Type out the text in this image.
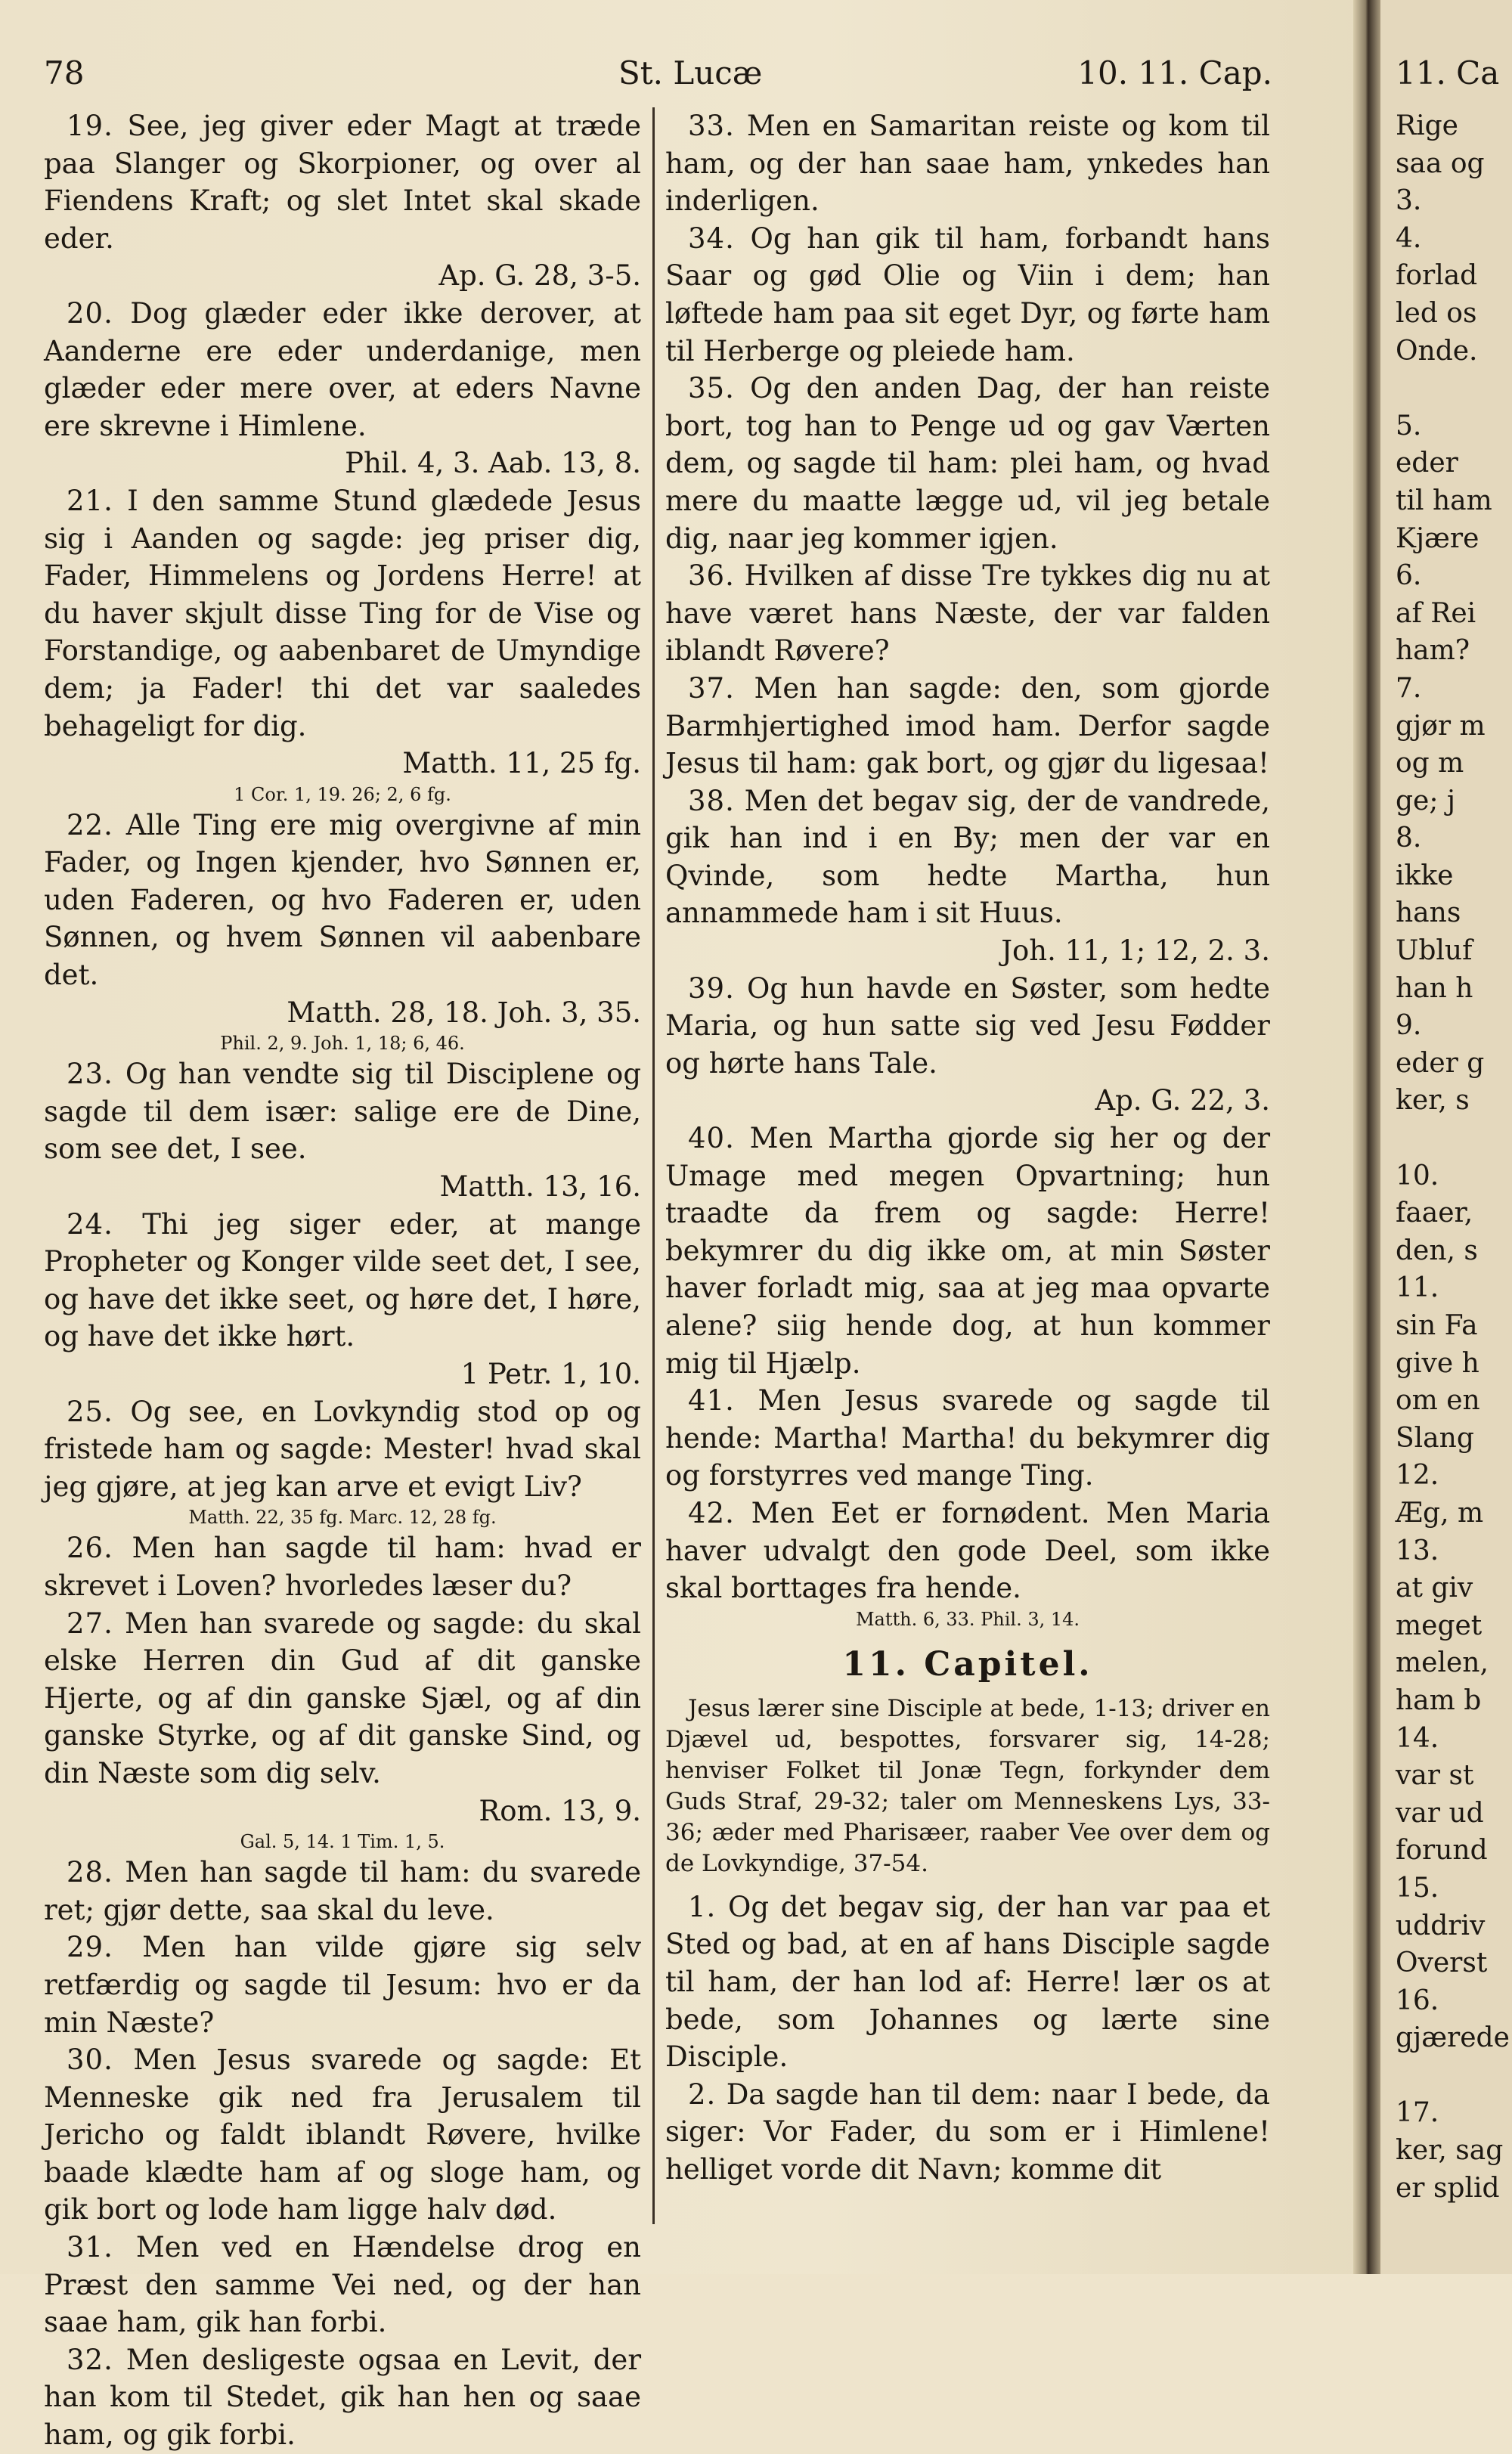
78	St. Lucæ	10. 11. Cap.

19. See, jeg giver eder Magt at træde paa Slanger og Skorpioner, og over al Fiendens Kraft; og slet Intet skal skade eder.
Ap. G. 28, 3-5.

20. Dog glæder eder ikke derover, at Aanderne ere eder underdanige, men glæder eder mere over, at eders Navne ere skrevne i Himlene.
Phil. 4, 3. Aab. 13, 8.

21. I den samme Stund glædede Jesus sig i Aanden og sagde: jeg priser dig, Fader, Himmelens og Jordens Herre! at du haver skjult disse Ting for de Vise og Forstandige, og aabenbaret de Umyndige dem; ja Fader! thi det var saaledes behageligt for dig.
Matth. 11, 25 fg.

1 Cor. 1, 19. 26; 2, 6 fg.

22. Alle Ting ere mig overgivne af min Fader, og Ingen kjender, hvo Sønnen er, uden Faderen, og hvo Faderen er, uden Sønnen, og hvem Sønnen vil aabenbare det.
Matth. 28, 18. Joh. 3, 35.

Phil. 2, 9. Joh. 1, 18; 6, 46.

23. Og han vendte sig til Disciplene og sagde til dem især: salige ere de Dine, som see det, I see.
Matth. 13, 16.

24. Thi jeg siger eder, at mange Propheter og Konger vilde seet det, I see, og have det ikke seet, og høre det, I høre, og have det ikke hørt.
1 Petr. 1, 10.

25. Og see, en Lovkyndig stod op og fristede ham og sagde: Mester! hvad skal jeg gjøre, at jeg kan arve et evigt Liv?

Matth. 22, 35 fg. Marc. 12, 28 fg.

26. Men han sagde til ham: hvad er skrevet i Loven? hvorledes læser du?

27. Men han svarede og sagde: du skal elske Herren din Gud af dit ganske Hjerte, og af din ganske Sjæl, og af din ganske Styrke, og af dit ganske Sind, og din Næste som dig selv.
Rom. 13, 9.

Gal. 5, 14. 1 Tim. 1, 5.

28. Men han sagde til ham: du svarede ret; gjør dette, saa skal du leve.

29. Men han vilde gjøre sig selv retfærdig og sagde til Jesum: hvo er da min Næste?

30. Men Jesus svarede og sagde: Et Menneske gik ned fra Jerusalem til Jericho og faldt iblandt Røvere, hvilke baade klædte ham af og sloge ham, og gik bort og lode ham ligge halv død.

31. Men ved en Hændelse drog en Præst den samme Vei ned, og der han saae ham, gik han forbi.

32. Men desligeste ogsaa en Levit, der han kom til Stedet, gik han hen og saae ham, og gik forbi.

33. Men en Samaritan reiste og kom til ham, og der han saae ham, ynkedes han inderligen.

34. Og han gik til ham, forbandt hans Saar og gød Olie og Viin i dem; han løftede ham paa sit eget Dyr, og førte ham til Herberge og pleiede ham.

35. Og den anden Dag, der han reiste bort, tog han to Penge ud og gav Værten dem, og sagde til ham: plei ham, og hvad mere du maatte lægge ud, vil jeg betale dig, naar jeg kommer igjen.

36. Hvilken af disse Tre tykkes dig nu at have været hans Næste, der var falden iblandt Røvere?

37. Men han sagde: den, som gjorde Barmhjertighed imod ham. Derfor sagde Jesus til ham: gak bort, og gjør du ligesaa!

38. Men det begav sig, der de vandrede, gik han ind i en By; men der var en Qvinde, som hedte Martha, hun annammede ham i sit Huus.
Joh. 11, 1; 12, 2. 3.

39. Og hun havde en Søster, som hedte Maria, og hun satte sig ved Jesu Fødder og hørte hans Tale.
Ap. G. 22, 3.

40. Men Martha gjorde sig her og der Umage med megen Opvartning; hun traadte da frem og sagde: Herre! bekymrer du dig ikke om, at min Søster haver forladt mig, saa at jeg maa opvarte alene? siig hende dog, at hun kommer mig til Hjælp.

41. Men Jesus svarede og sagde til hende: Martha! Martha! du bekymrer dig og forstyrres ved mange Ting.

42. Men Eet er fornødent. Men Maria haver udvalgt den gode Deel, som ikke skal borttages fra hende.

Matth. 6, 33. Phil. 3, 14.

11. Capitel.

Jesus lærer sine Disciple at bede, 1-13; driver en Djævel ud, bespottes, forsvarer sig, 14-28; henviser Folket til Jonæ Tegn, forkynder dem Guds Straf, 29-32; taler om Menneskens Lys, 33-36; æder med Pharisæer, raaber Vee over dem og de Lovkyndige, 37-54.

1. Og det begav sig, der han var paa et Sted og bad, at en af hans Disciple sagde til ham, der han lod af: Herre! lær os at bede, som Johannes og lærte sine Disciple.

2. Da sagde han til dem: naar I bede, da siger: Vor Fader, du som er i Himlene! helliget vorde dit Navn; komme dit

11. Ca
Rige
saa og
3.
4.
forlad
led os
Onde.

5.
eder
til ham
Kjære
6.
af Rei
ham?
7.
gjør m
og m
ge; j
8.
ikke
hans
Ubluf
han h
9.
eder g
ker, s

10.
faaer,
den, s
11.
sin Fa
give h
om en
Slang
12.
Æg, m
13.
at giv
meget
melen,
ham b
14.
var st
var ud
forund
15.
uddriv
Overst
16.
gjærede

17.
ker, sag
er splid
